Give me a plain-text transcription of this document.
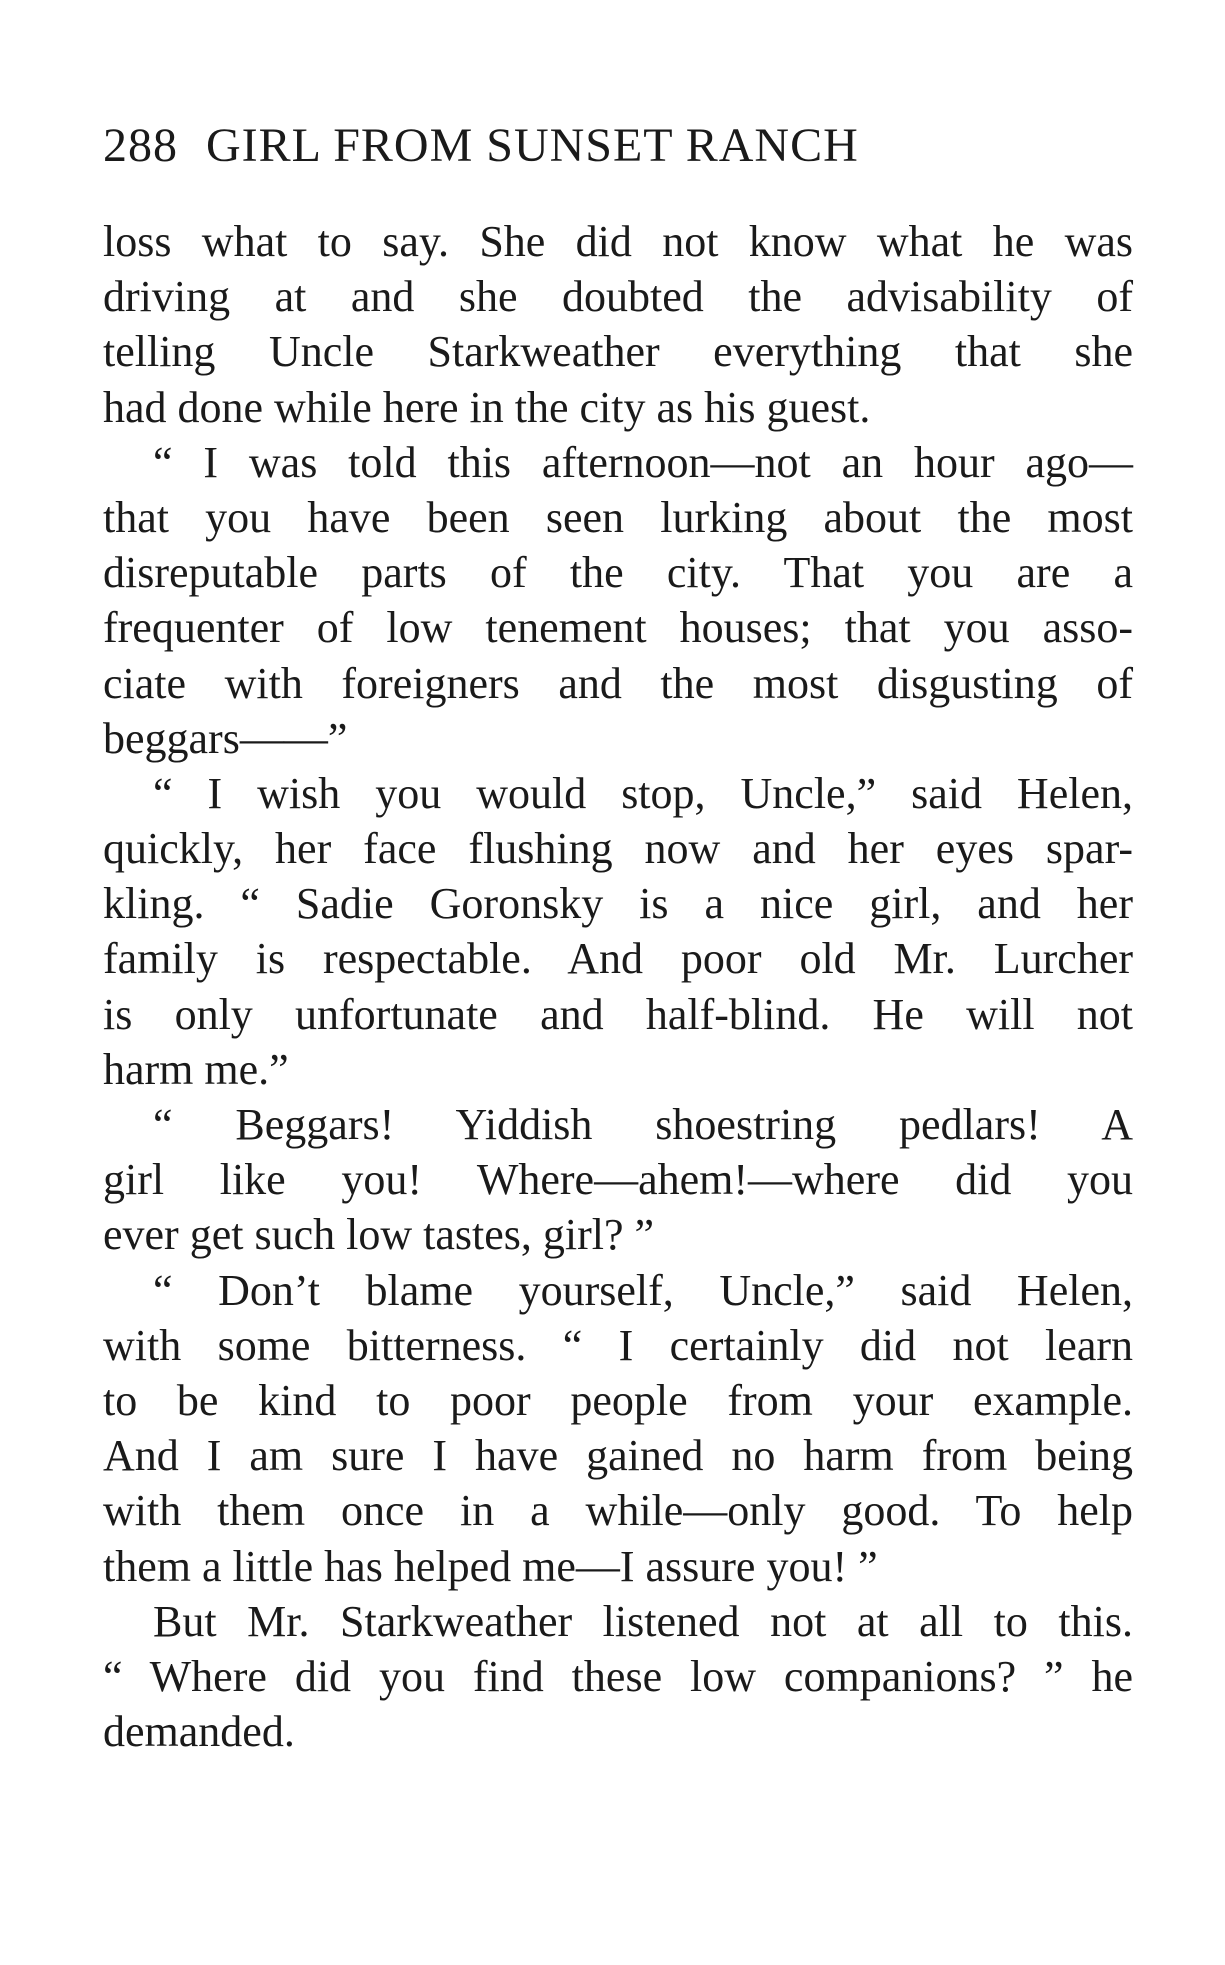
288 GIRL FROM SUNSET RANCH
loss what to say. She did not know what he was
driving at and she doubted the advisability of
telling Uncle Starkweather everything that she
had done while here in the city as his guest.
“ I was told this afternoon—not an hour ago—
that you have been seen lurking about the most
disreputable parts of the city. That you are a
frequenter of low tenement houses; that you asso-
ciate with foreigners and the most disgusting of
beggars——”
“ I wish you would stop, Uncle,” said Helen,
quickly, her face flushing now and her eyes spar-
kling. “ Sadie Goronsky is a nice girl, and her
family is respectable. And poor old Mr. Lurcher
is only unfortunate and half-blind. He will not
harm me.”
“ Beggars! Yiddish shoestring pedlars! A
girl like you! Where—ahem!—where did you
ever get such low tastes, girl? ”
“ Don’t blame yourself, Uncle,” said Helen,
with some bitterness. “ I certainly did not learn
to be kind to poor people from your example.
And I am sure I have gained no harm from being
with them once in a while—only good. To help
them a little has helped me—I assure you! ”
But Mr. Starkweather listened not at all to this.
“ Where did you find these low companions? ” he
demanded.
